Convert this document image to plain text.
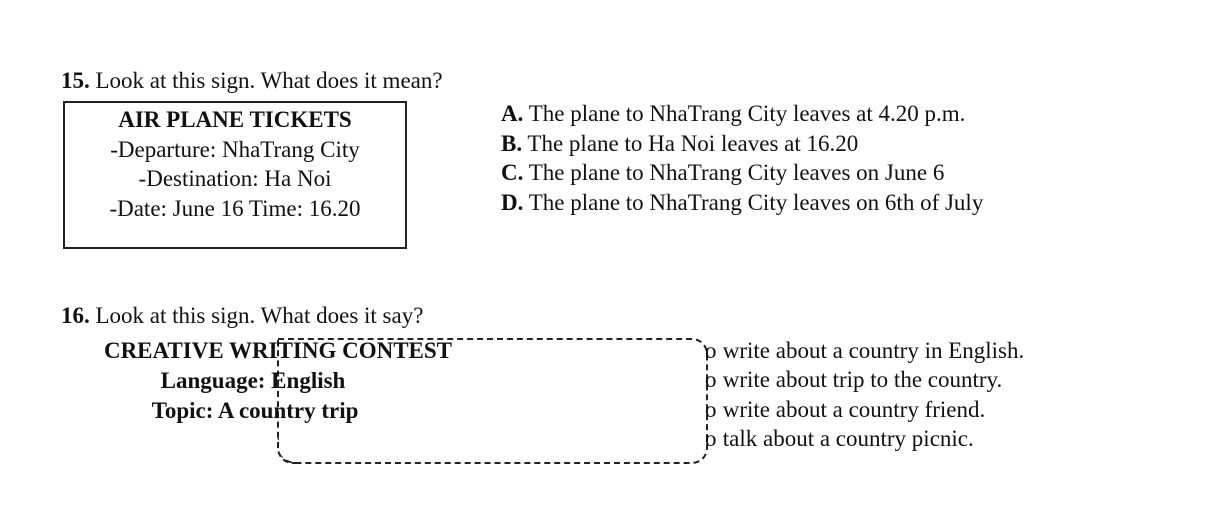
15. Look at this sign. What does it mean?
AIR PLANE TICKETS
-Departure: NhaTrang City
-Destination: Ha Noi
-Date: June 16 Time: 16.20
A. The plane to NhaTrang City leaves at 4.20 p.m.
B. The plane to Ha Noi leaves at 16.20
C. The plane to NhaTrang City leaves on June 6
D. The plane to NhaTrang City leaves on 6th of July
16. Look at this sign. What does it say?
CREATIVE WRITING CONTEST
Language: English
Topic: A country trip
o write about a country in English.
o write about trip to the country.
o write about a country friend.
o talk about a country picnic.
